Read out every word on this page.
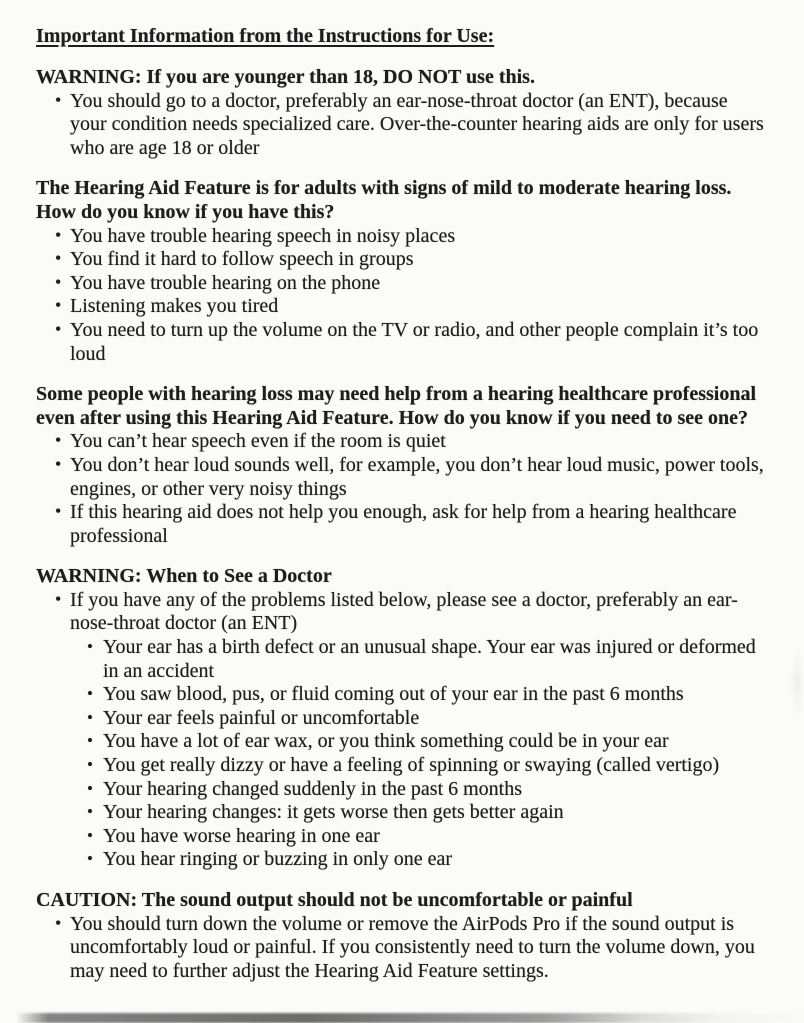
Important Information from the Instructions for Use:
WARNING: If you are younger than 18, DO NOT use this.
• You should go to a doctor, preferably an ear-nose-throat doctor (an ENT), because your condition needs specialized care. Over-the-counter hearing aids are only for users who are age 18 or older
The Hearing Aid Feature is for adults with signs of mild to moderate hearing loss. How do you know if you have this?
• You have trouble hearing speech in noisy places
• You find it hard to follow speech in groups
• You have trouble hearing on the phone
• Listening makes you tired
• You need to turn up the volume on the TV or radio, and other people complain it’s too loud
Some people with hearing loss may need help from a hearing healthcare professional even after using this Hearing Aid Feature. How do you know if you need to see one?
• You can’t hear speech even if the room is quiet
• You don’t hear loud sounds well, for example, you don’t hear loud music, power tools, engines, or other very noisy things
• If this hearing aid does not help you enough, ask for help from a hearing healthcare professional
WARNING: When to See a Doctor
• If you have any of the problems listed below, please see a doctor, preferably an ear-nose-throat doctor (an ENT)
• Your ear has a birth defect or an unusual shape. Your ear was injured or deformed in an accident
• You saw blood, pus, or fluid coming out of your ear in the past 6 months
• Your ear feels painful or uncomfortable
• You have a lot of ear wax, or you think something could be in your ear
• You get really dizzy or have a feeling of spinning or swaying (called vertigo)
• Your hearing changed suddenly in the past 6 months
• Your hearing changes: it gets worse then gets better again
• You have worse hearing in one ear
• You hear ringing or buzzing in only one ear
CAUTION: The sound output should not be uncomfortable or painful
• You should turn down the volume or remove the AirPods Pro if the sound output is uncomfortably loud or painful. If you consistently need to turn the volume down, you may need to further adjust the Hearing Aid Feature settings.
